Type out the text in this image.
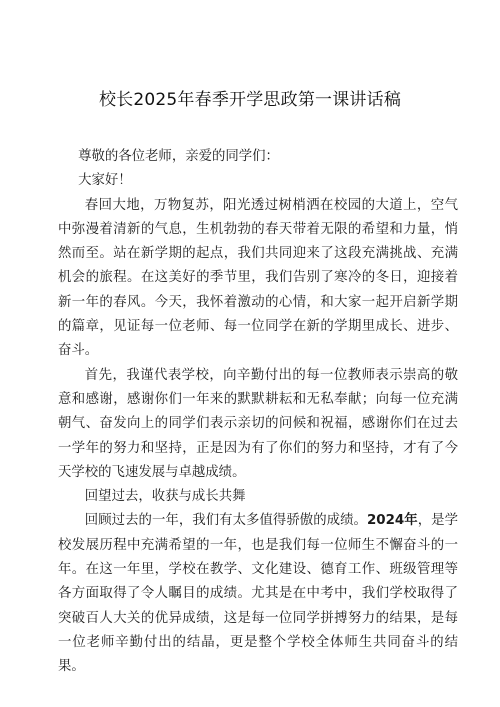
校长2025年春季开学思政第一课讲话稿

尊敬的各位老师，亲爱的同学们：

大家好！

春回大地，万物复苏，阳光透过树梢洒在校园的大道上，空气中弥漫着清新的气息，生机勃勃的春天带着无限的希望和力量，悄然而至。站在新学期的起点，我们共同迎来了这段充满挑战、充满机会的旅程。在这美好的季节里，我们告别了寒冷的冬日，迎接着新一年的春风。今天，我怀着激动的心情，和大家一起开启新学期的篇章，见证每一位老师、每一位同学在新的学期里成长、进步、奋斗。

首先，我谨代表学校，向辛勤付出的每一位教师表示崇高的敬意和感谢，感谢你们一年来的默默耕耘和无私奉献；向每一位充满朝气、奋发向上的同学们表示亲切的问候和祝福，感谢你们在过去一学年的努力和坚持，正是因为有了你们的努力和坚持，才有了今天学校的飞速发展与卓越成绩。

回望过去，收获与成长共舞

回顾过去的一年，我们有太多值得骄傲的成绩。2024年，是学校发展历程中充满希望的一年，也是我们每一位师生不懈奋斗的一年。在这一年里，学校在教学、文化建设、德育工作、班级管理等各方面取得了令人瞩目的成绩。尤其是在中考中，我们学校取得了突破百人大关的优异成绩，这是每一位同学拼搏努力的结果，是每一位老师辛勤付出的结晶，更是整个学校全体师生共同奋斗的结果。
